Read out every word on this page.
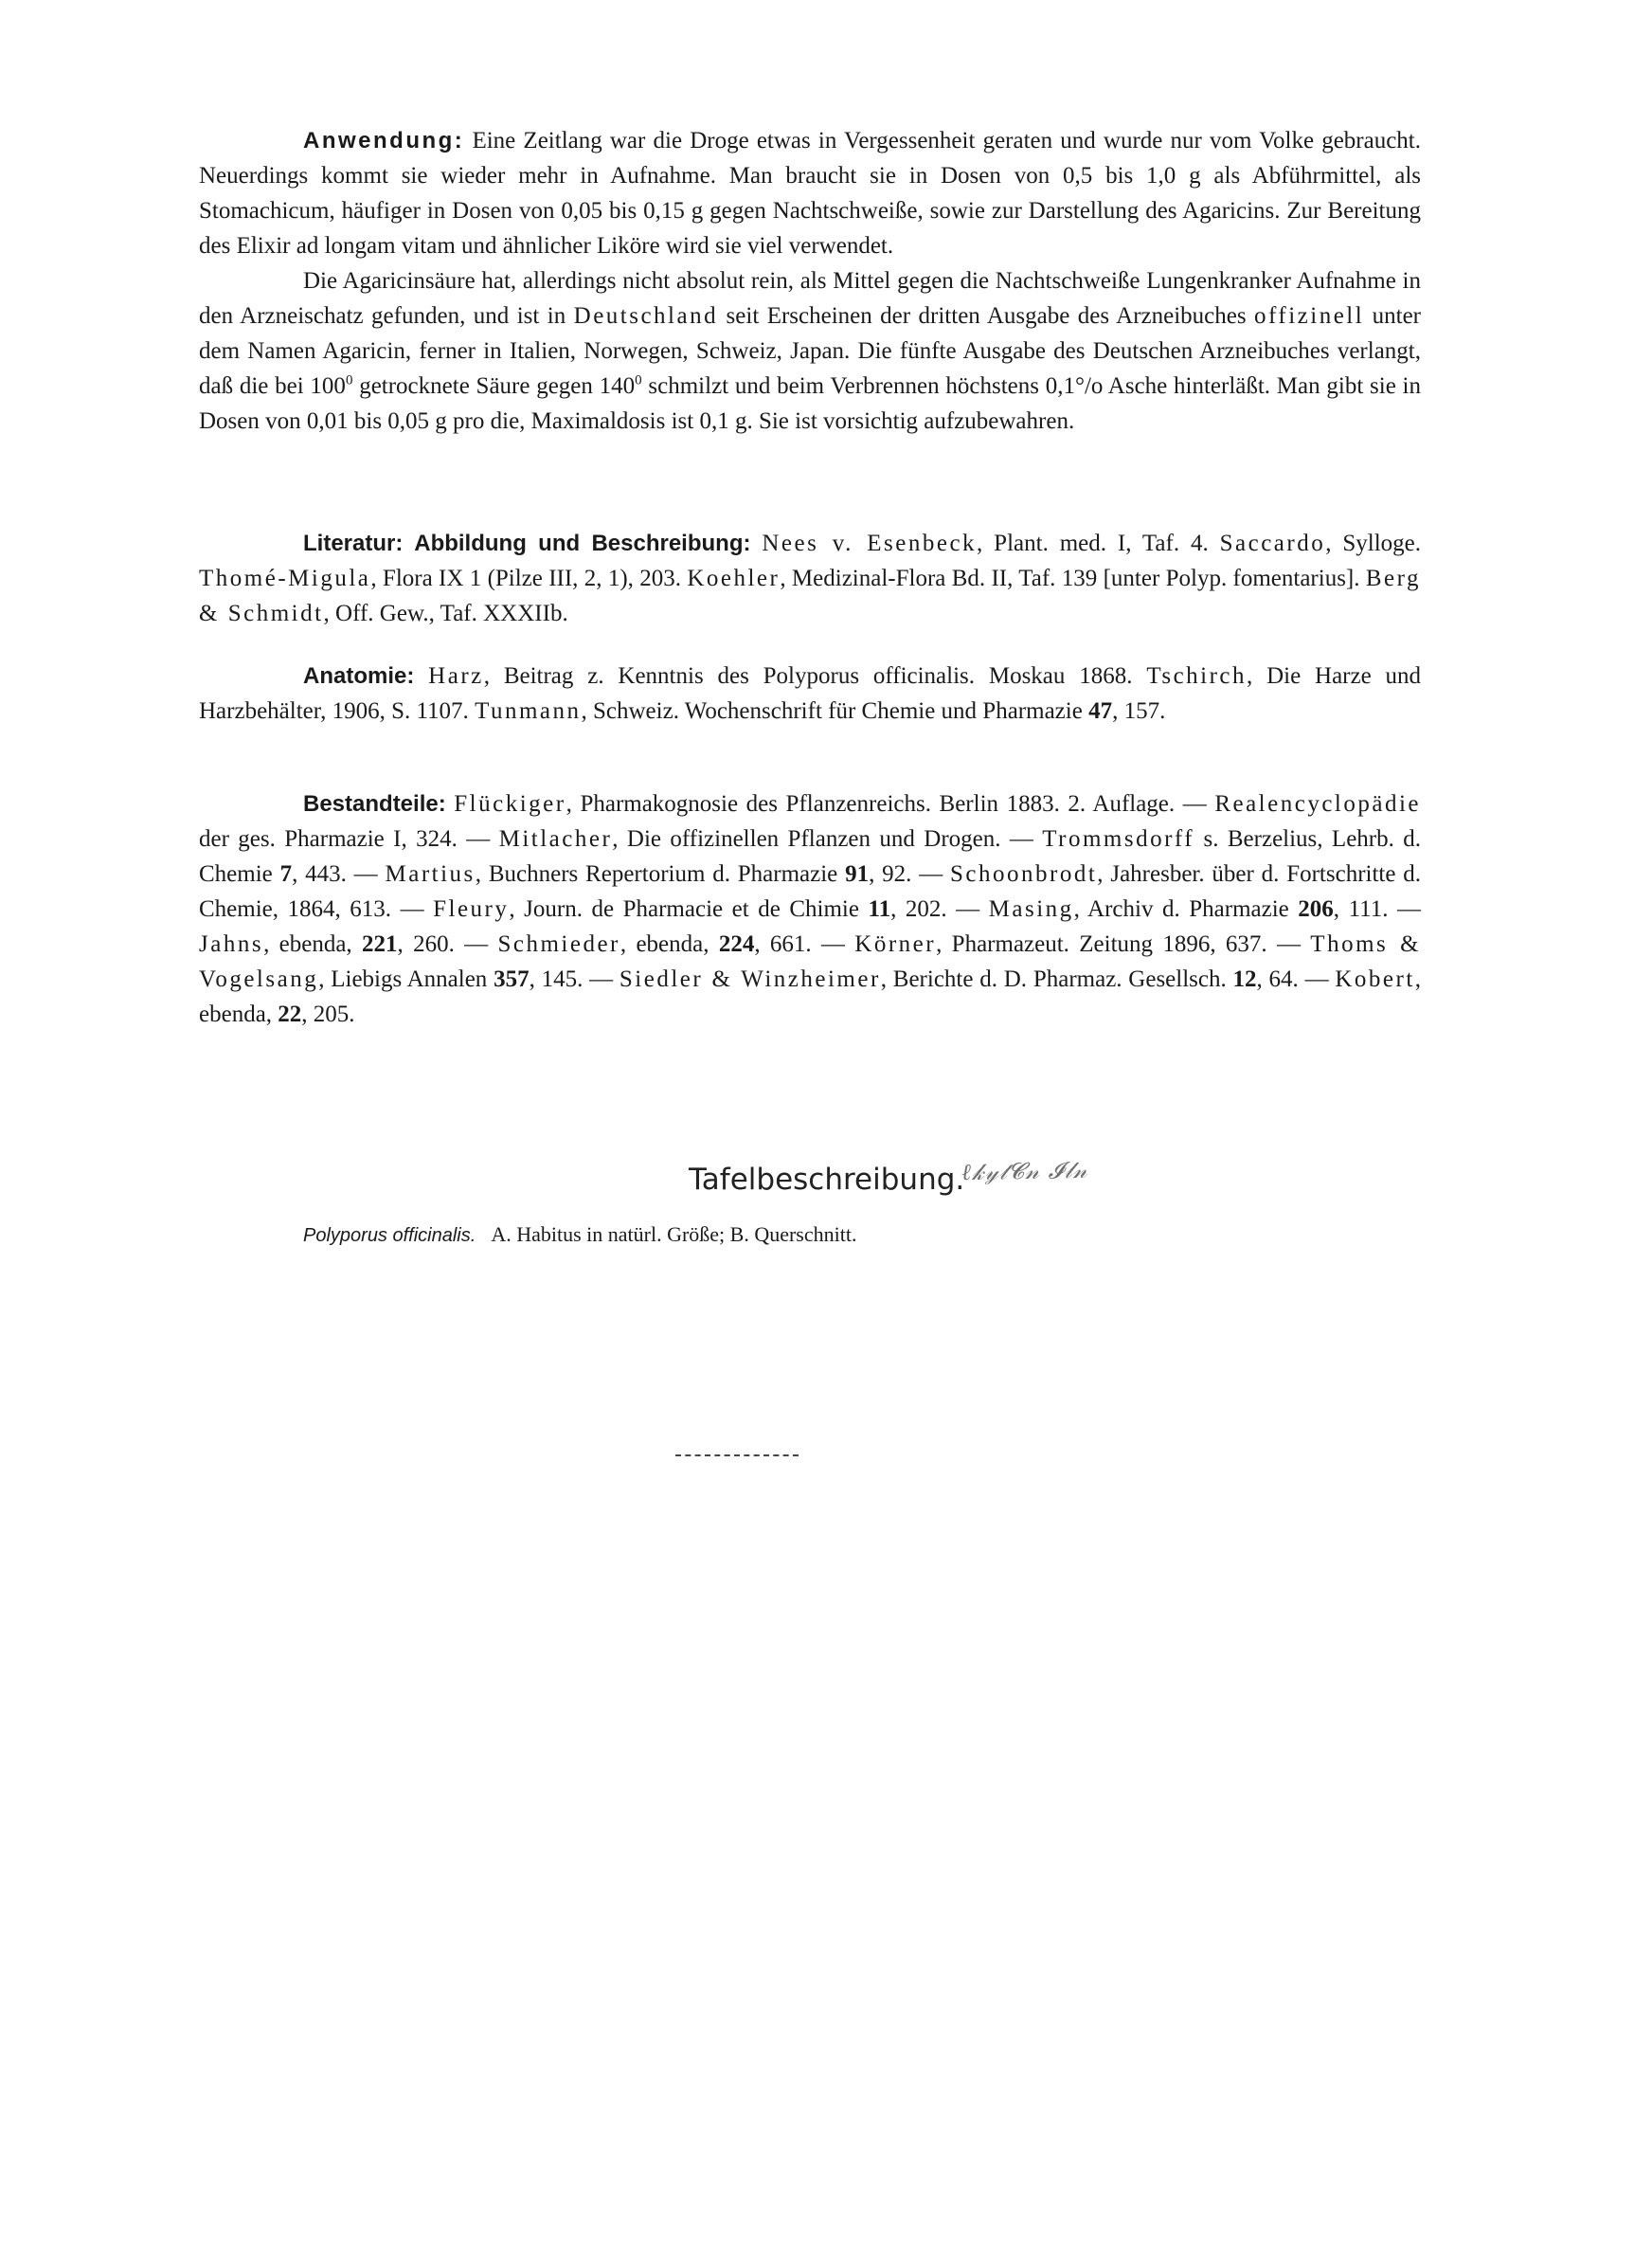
Anwendung: Eine Zeitlang war die Droge etwas in Vergessenheit geraten und wurde nur vom Volke gebraucht. Neuerdings kommt sie wieder mehr in Aufnahme. Man braucht sie in Dosen von 0,5 bis 1,0 g als Abführmittel, als Stomachicum, häufiger in Dosen von 0,05 bis 0,15 g gegen Nachtschweiße, sowie zur Darstellung des Agaricins. Zur Bereitung des Elixir ad longam vitam und ähnlicher Liköre wird sie viel verwendet.

Die Agaricinsäure hat, allerdings nicht absolut rein, als Mittel gegen die Nachtschweiße Lungenkranker Aufnahme in den Arzneischatz gefunden, und ist in Deutschland seit Erscheinen der dritten Ausgabe des Arzneibuches offizinell unter dem Namen Agaricin, ferner in Italien, Norwegen, Schweiz, Japan. Die fünfte Ausgabe des Deutschen Arzneibuches verlangt, daß die bei $100^0$ getrocknete Säure gegen $140^0$ schmilzt und beim Verbrennen höchstens 0,1°/o Asche hinterläßt. Man gibt sie in Dosen von 0,01 bis 0,05 g pro die, Maximaldosis ist 0,1 g. Sie ist vorsichtig aufzubewahren.

Literatur: Abbildung und Beschreibung: Nees v. Esenbeck, Plant. med. I, Taf. 4. Saccardo, Sylloge. Thomé-Migula, Flora IX 1 (Pilze III, 2, 1), 203. Koehler, Medizinal-Flora Bd. II, Taf. 139 [unter Polyp. fomentarius]. Berg & Schmidt, Off. Gew., Taf. XXXIIb.

Anatomie: Harz, Beitrag z. Kenntnis des Polyporus officinalis. Moskau 1868. Tschirch, Die Harze und Harzbehälter, 1906, S. 1107. Tunmann, Schweiz. Wochenschrift für Chemie und Pharmazie 47, 157.

Bestandteile: Flückiger, Pharmakognosie des Pflanzenreichs. Berlin 1883. 2. Auflage. — Realencyclopädie der ges. Pharmazie I, 324. — Mitlacher, Die offizinellen Pflanzen und Drogen. — Trommsdorff s. Berzelius, Lehrb. d. Chemie 7, 443. — Martius, Buchners Repertorium d. Pharmazie 91, 92. — Schoonbrodt, Jahresber. über d. Fortschritte d. Chemie, 1864, 613. — Fleury, Journ. de Pharmacie et de Chimie 11, 202. — Masing, Archiv d. Pharmazie 206, 111. — Jahns, ebenda, 221, 260. — Schmieder, ebenda, 224, 661. — Körner, Pharmazeut. Zeitung 1896, 637. — Thoms & Vogelsang, Liebigs Annalen 357, 145. — Siedler & Winzheimer, Berichte d. D. Pharmaz. Gesellsch. 12, 64. — Kobert, ebenda, 22, 205.

Tafelbeschreibung.
ℓ𝓀𝓎𝓉𝓒𝓃 𝓘𝓁𝓃
Polyporus officinalis. A. Habitus in natürl. Größe; B. Querschnitt.
